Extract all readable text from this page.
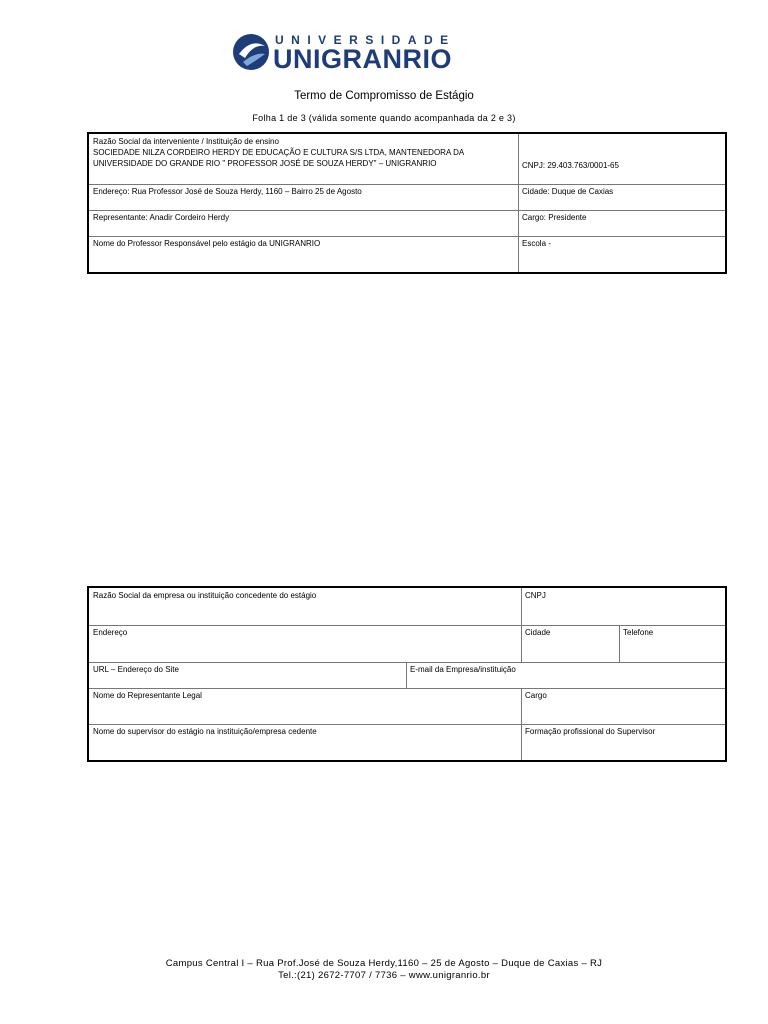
UNIVERSIDADE
UNIGRANRIO
Termo de Compromisso de Estágio
Folha 1 de 3 (válida somente quando acompanhada da 2 e 3)
Razão Social da interveniente / Instituição de ensino
SOCIEDADE NILZA CORDEIRO HERDY DE EDUCAÇÃO E CULTURA S/S LTDA, MANTENEDORA DA
UNIVERSIDADE DO GRANDE RIO " PROFESSOR JOSÉ DE SOUZA HERDY" – UNIGRANRIO	CNPJ: 29.403.763/0001-65
Endereço: Rua Professor José de Souza Herdy, 1160 – Bairro 25 de Agosto	Cidade: Duque de Caxias
Representante: Anadir Cordeiro Herdy	Cargo: Presidente
Nome do Professor Responsável pelo estágio da UNIGRANRIO	Escola -
Razão Social da empresa ou instituição concedente do estágio	CNPJ
Endereço	Cidade	Telefone
URL – Endereço do Site	E-mail da Empresa/instituição
Nome do Representante Legal	Cargo
Nome do supervisor do estágio na instituição/empresa cedente	Formação profissional do Supervisor
Campus Central I – Rua Prof.José de Souza Herdy,1160 – 25 de Agosto – Duque de Caxias – RJ
Tel.:(21) 2672-7707 / 7736 – www.unigranrio.br
